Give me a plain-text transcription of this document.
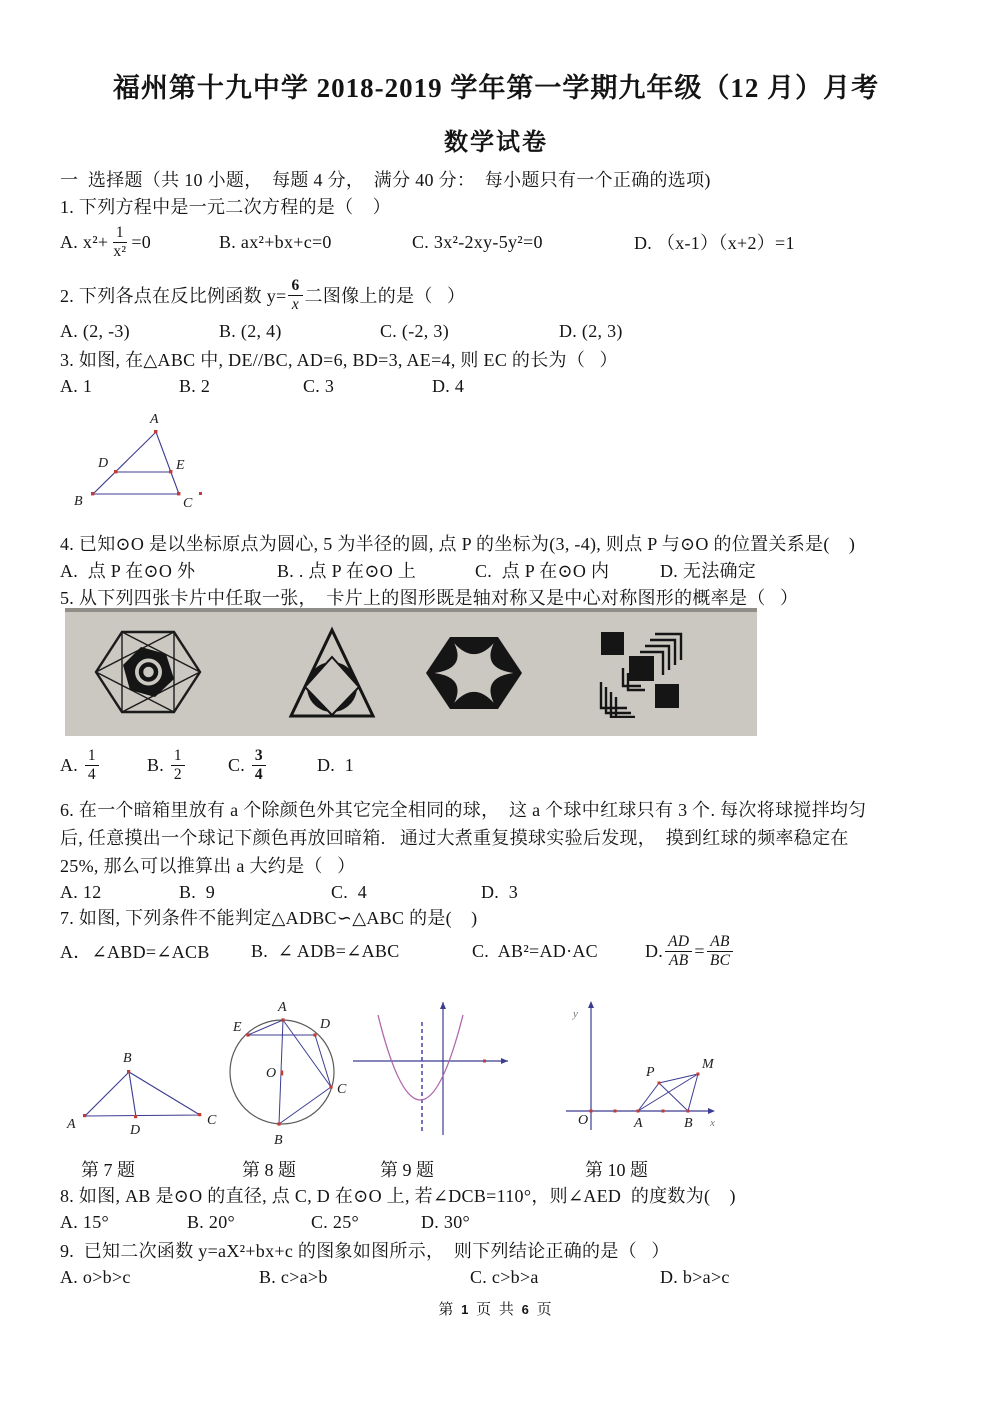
福州第十九中学 2018-2019 学年第一学期九年级（12 月）月考
数学试卷
一  选择题（共 10 小题，  每题 4 分，  满分 40 分：  每小题只有一个正确的选项)
1. 下列方程中是一元二次方程的是（    ）
A. $x^2+ \frac{1}{\text{x²}} =0$	B. ax²+bx+c=0	C. 3x²-2xy-5y²=0	D. （x-1）（x+2）=1
2. 下列各点在反比例函数 $y= \frac{6}{x}$ 二图像上的是（   ）
A. (2, -3)	B. (2, 4)	C. (-2, 3)	D. (2, 3)
3. 如图, 在△ABC 中, DE//BC, AD=6, BD=3, AE=4, 则 EC 的长为（   ）
A. 1	B. 2	C. 3	D. 4
A
B	C
D	E
4. 已知⊙O 是以坐标原点为圆心, 5 为半径的圆, 点 P 的坐标为(3, -4), 则点 P 与⊙O 的位置关系是(    )
A.  点 P 在⊙O 外	B. . 点 P 在⊙O 上	C.  点 P 在⊙O 内	D. 无法确定
5. 从下列四张卡片中任取一张，  卡片上的图形既是轴对称又是中心对称图形的概率是（   ）
A. $\frac{1}{4}$	B. $\frac{1}{2} C$. $\frac{3}{4}$	D.  1
6. 在一个暗箱里放有 a 个除颜色外其它完全相同的球，  这 a 个球中红球只有 3 个. 每次将球搅拌均匀
后, 任意摸出一个球记下颜色再放回暗箱.   通过大煮重复摸球实验后发现，  摸到红球的频率稳定在
25%, 那么可以推算出 a 大约是（   ）
A. 12	B.  9	C.  4	D.  3
7. 如图, 下列条件不能判定△ADBC∽△ABC 的是(    )
A．∠ABD=∠ACB B.  ∠ ADB=∠ABC	C.  AB²=AD·AC	D. $\frac{AD}{AB} = \frac{AB}{BC}$
B
A	C
D
A
E	D
C
B
O
O	A	B
P
M
x
y
第 7 题	第 8 题	第 9 题	第 10 题
8. 如图, AB 是⊙O 的直径, 点 C, D 在⊙O 上, 若∠DCB=110°，则∠AED  的度数为(    )
A. 15°	B. 20°	C. 25°	D. 30°
9.  已知二次函数 y=aX²+bx+c 的图象如图所示，  则下列结论正确的是（   ）
A. o>b>c	B. c>a>b	C. c>b>a	D. b>a>c
第 1 页 共 6 页
